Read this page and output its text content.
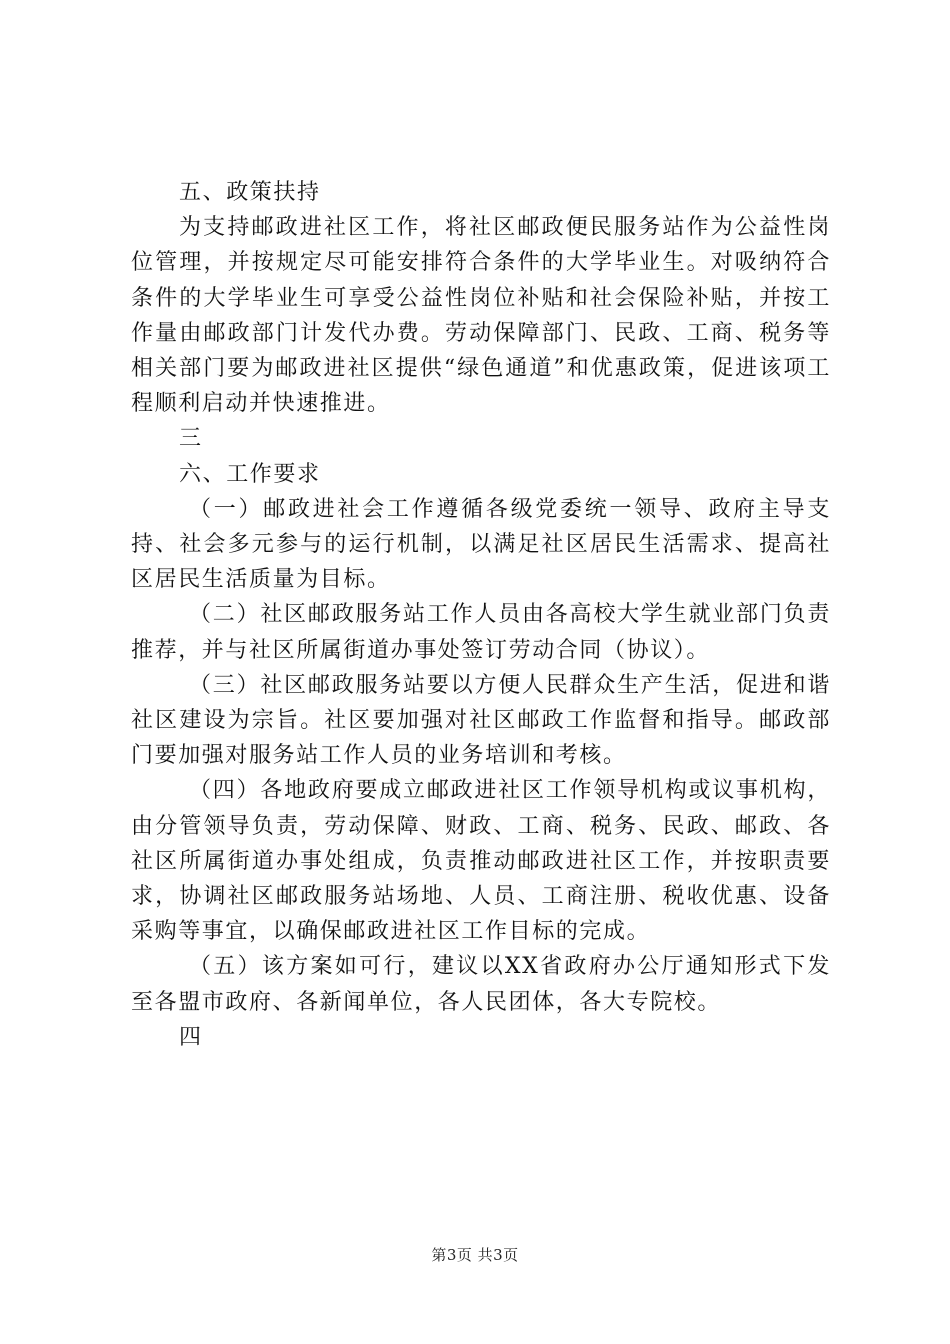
五、政策扶持

为支持邮政进社区工作，将社区邮政便民服务站作为公益性岗位管理，并按规定尽可能安排符合条件的大学毕业生。对吸纳符合条件的大学毕业生可享受公益性岗位补贴和社会保险补贴，并按工作量由邮政部门计发代办费。劳动保障部门、民政、工商、税务等相关部门要为邮政进社区提供“绿色通道”和优惠政策，促进该项工程顺利启动并快速推进。

三

六、工作要求

（一）邮政进社会工作遵循各级党委统一领导、政府主导支持、社会多元参与的运行机制，以满足社区居民生活需求、提高社区居民生活质量为目标。

（二）社区邮政服务站工作人员由各高校大学生就业部门负责推荐，并与社区所属街道办事处签订劳动合同（协议）。

（三）社区邮政服务站要以方便人民群众生产生活，促进和谐社区建设为宗旨。社区要加强对社区邮政工作监督和指导。邮政部门要加强对服务站工作人员的业务培训和考核。

（四）各地政府要成立邮政进社区工作领导机构或议事机构，由分管领导负责，劳动保障、财政、工商、税务、民政、邮政、各社区所属街道办事处组成，负责推动邮政进社区工作，并按职责要求，协调社区邮政服务站场地、人员、工商注册、税收优惠、设备采购等事宜，以确保邮政进社区工作目标的完成。

（五）该方案如可行，建议以XX省政府办公厅通知形式下发至各盟市政府、各新闻单位，各人民团体，各大专院校。

四

第3页 共3页
